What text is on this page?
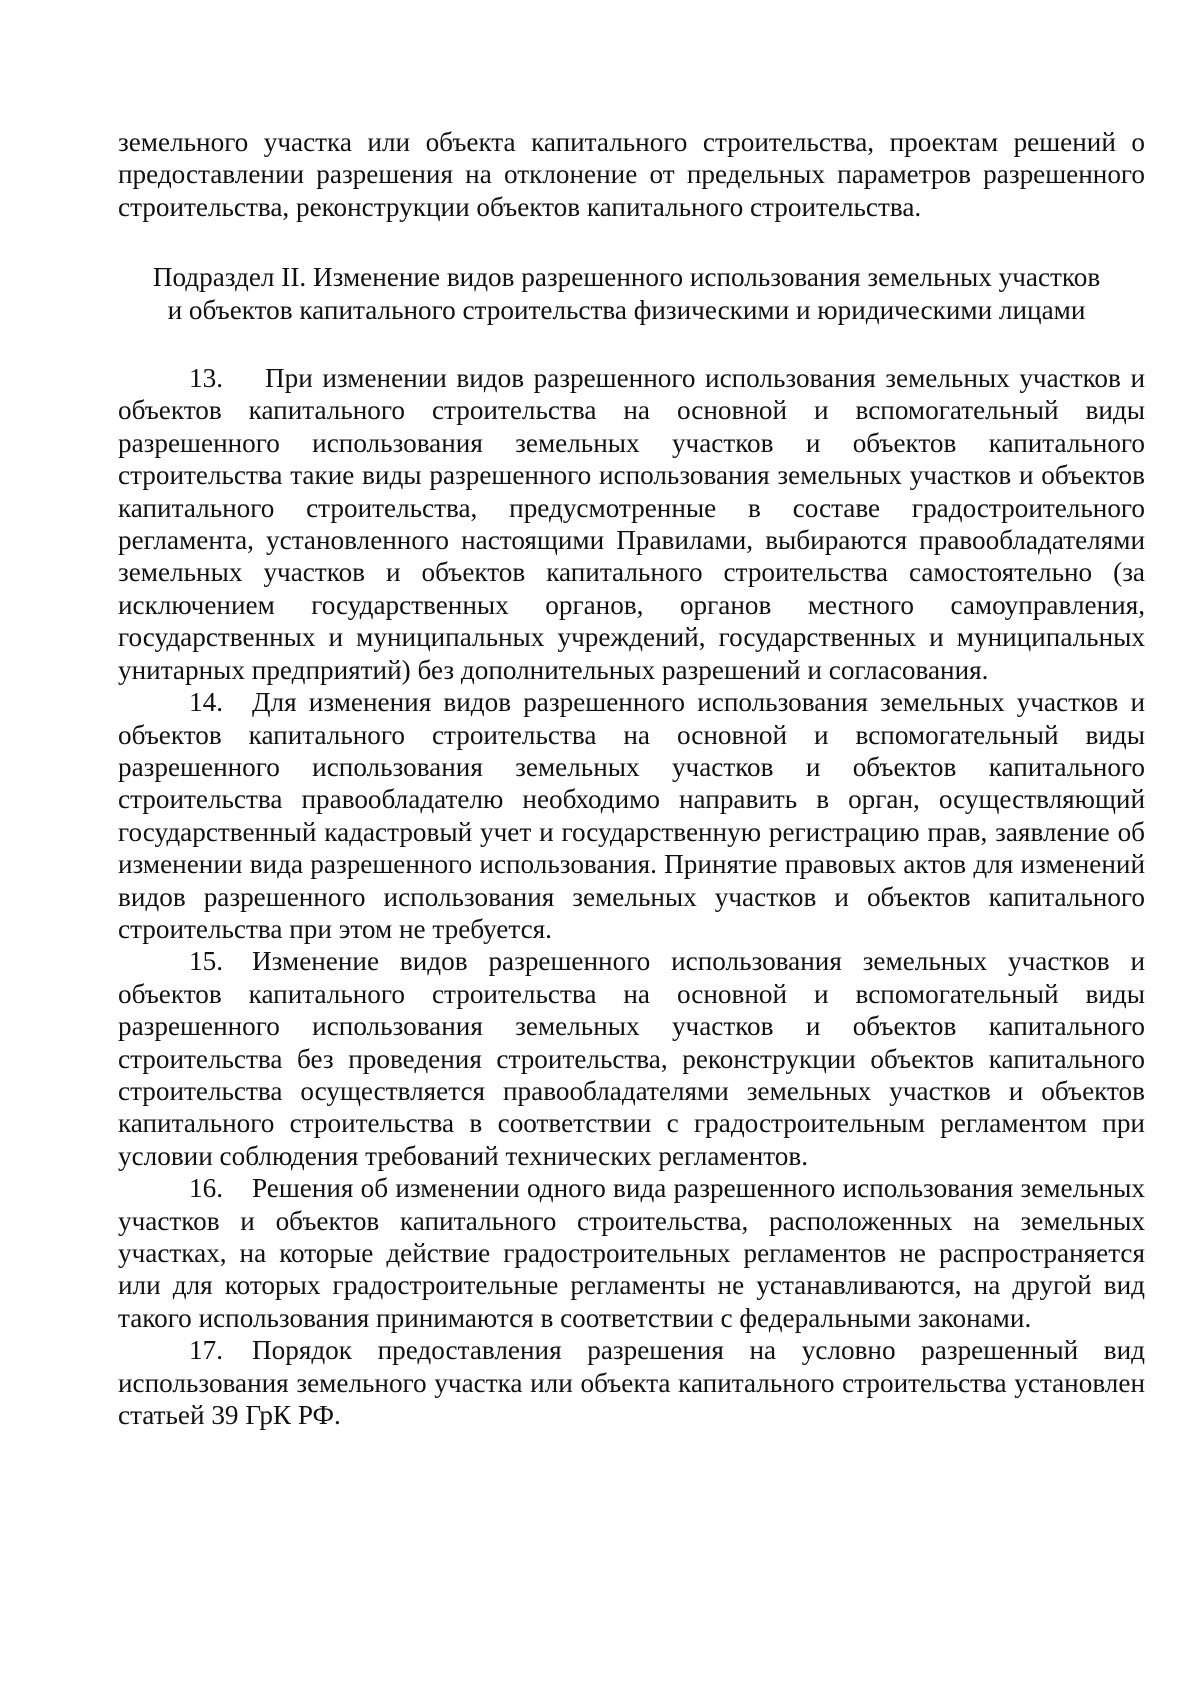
земельного участка или объекта капитального строительства, проектам решений о предоставлении разрешения на отклонение от предельных параметров разрешенного строительства, реконструкции объектов капитального строительства.

Подраздел II. Изменение видов разрешенного использования земельных участков и объектов капитального строительства физическими и юридическими лицами

13. При изменении видов разрешенного использования земельных участков и объектов капитального строительства на основной и вспомогательный виды разрешенного использования земельных участков и объектов капитального строительства такие виды разрешенного использования земельных участков и объектов капитального строительства, предусмотренные в составе градостроительного регламента, установленного настоящими Правилами, выбираются правообладателями земельных участков и объектов капитального строительства самостоятельно (за исключением государственных органов, органов местного самоуправления, государственных и муниципальных учреждений, государственных и муниципальных унитарных предприятий) без дополнительных разрешений и согласования.

14. Для изменения видов разрешенного использования земельных участков и объектов капитального строительства на основной и вспомогательный виды разрешенного использования земельных участков и объектов капитального строительства правообладателю необходимо направить в орган, осуществляющий государственный кадастровый учет и государственную регистрацию прав, заявление об изменении вида разрешенного использования. Принятие правовых актов для изменений видов разрешенного использования земельных участков и объектов капитального строительства при этом не требуется.

15. Изменение видов разрешенного использования земельных участков и объектов капитального строительства на основной и вспомогательный виды разрешенного использования земельных участков и объектов капитального строительства без проведения строительства, реконструкции объектов капитального строительства осуществляется правообладателями земельных участков и объектов капитального строительства в соответствии с градостроительным регламентом при условии соблюдения требований технических регламентов.

16. Решения об изменении одного вида разрешенного использования земельных участков и объектов капитального строительства, расположенных на земельных участках, на которые действие градостроительных регламентов не распространяется или для которых градостроительные регламенты не устанавливаются, на другой вид такого использования принимаются в соответствии с федеральными законами.

17. Порядок предоставления разрешения на условно разрешенный вид использования земельного участка или объекта капитального строительства установлен статьей 39 ГрК РФ.
